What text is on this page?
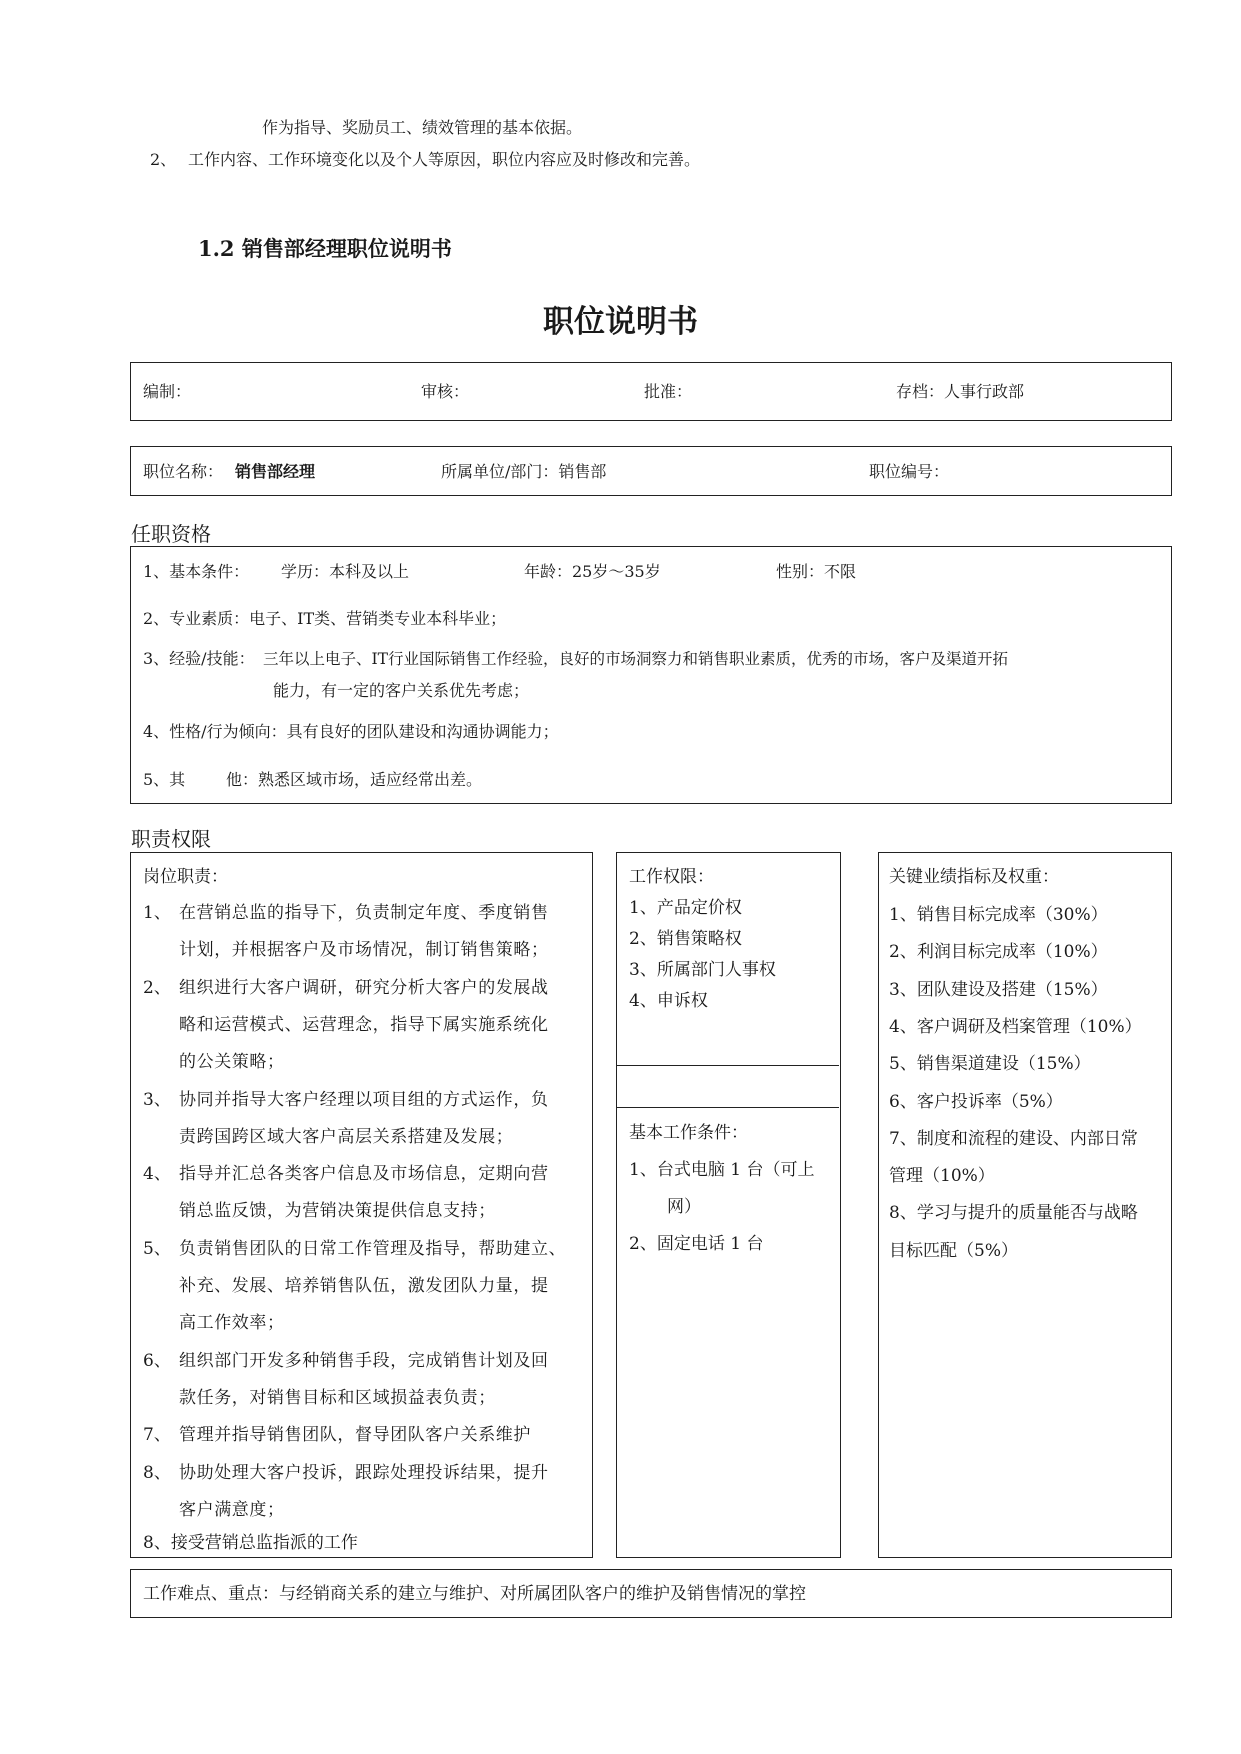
作为指导、奖励员工、绩效管理的基本依据。
2、 工作内容、工作环境变化以及个人等原因，职位内容应及时修改和完善。
1.2 销售部经理职位说明书
职位说明书
编制：	审核：	批准：	存档：人事行政部
职位名称： 销售部经理	所属单位/部门：销售部	职位编号：
任职资格
1、基本条件： 学历：本科及以上	年龄：25岁～35岁	性别：不限
2、专业素质：电子、IT类、营销类专业本科毕业；
3、经验/技能： 三年以上电子、IT行业国际销售工作经验，良好的市场洞察力和销售职业素质，优秀的市场，客户及渠道开拓
能力，有一定的客户关系优先考虑；
4、性格/行为倾向：具有良好的团队建设和沟通协调能力；
5、其	他：熟悉区域市场，适应经常出差。
职责权限
岗位职责：
1、 在营销总监的指导下，负责制定年度、季度销售
计划，并根据客户及市场情况，制订销售策略；
2、 组织进行大客户调研，研究分析大客户的发展战
略和运营模式、运营理念，指导下属实施系统化
的公关策略；
3、 协同并指导大客户经理以项目组的方式运作，负
责跨国跨区域大客户高层关系搭建及发展；
4、 指导并汇总各类客户信息及市场信息，定期向营
销总监反馈，为营销决策提供信息支持；
5、 负责销售团队的日常工作管理及指导，帮助建立、
补充、发展、培养销售队伍，激发团队力量，提
高工作效率；
6、 组织部门开发多种销售手段，完成销售计划及回
款任务，对销售目标和区域损益表负责；
7、 管理并指导销售团队，督导团队客户关系维护
8、 协助处理大客户投诉，跟踪处理投诉结果，提升
客户满意度；
8、接受营销总监指派的工作
工作权限：
1、产品定价权
2、销售策略权
3、所属部门人事权
4、申诉权
基本工作条件：
1、台式电脑 1 台（可上
网）
2、固定电话 1 台
关键业绩指标及权重：
1、销售目标完成率（30%）
2、利润目标完成率（10%）
3、团队建设及搭建（15%）
4、客户调研及档案管理（10%）
5、销售渠道建设（15%）
6、客户投诉率（5%）
7、制度和流程的建设、内部日常
管理（10%）
8、学习与提升的质量能否与战略
目标匹配（5%）
工作难点、重点：与经销商关系的建立与维护、对所属团队客户的维护及销售情况的掌控
